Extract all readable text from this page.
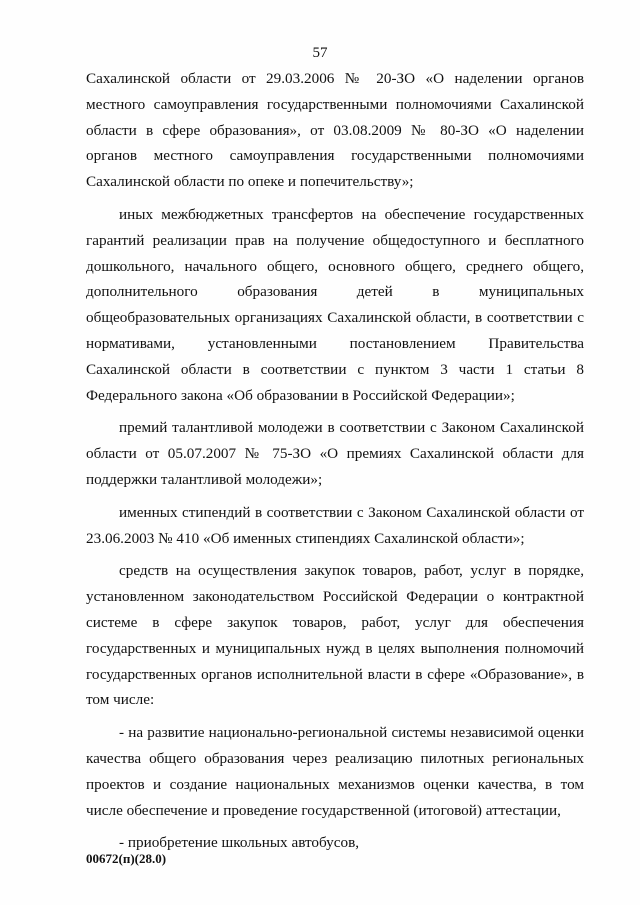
57

Сахалинской области от 29.03.2006 № 20-ЗО «О наделении органов местного самоуправления государственными полномочиями Сахалинской области в сфере образования», от 03.08.2009 № 80-ЗО «О наделении органов местного самоуправления государственными полномочиями Сахалинской области по опеке и попечительству»;

иных межбюджетных трансфертов на обеспечение государственных гарантий реализации прав на получение общедоступного и бесплатного дошкольного, начального общего, основного общего, среднего общего, дополнительного образования детей в муниципальных общеобразовательных организациях Сахалинской области, в соответствии с нормативами, установленными постановлением Правительства Сахалинской области в соответствии с пунктом 3 части 1 статьи 8 Федерального закона «Об образовании в Российской Федерации»;

премий талантливой молодежи в соответствии с Законом Сахалинской области от 05.07.2007 № 75-ЗО «О премиях Сахалинской области для поддержки талантливой молодежи»;

именных стипендий в соответствии с Законом Сахалинской области от 23.06.2003 № 410 «Об именных стипендиях Сахалинской области»;

средств на осуществления закупок товаров, работ, услуг в порядке, установленном законодательством Российской Федерации о контрактной системе в сфере закупок товаров, работ, услуг для обеспечения государственных и муниципальных нужд в целях выполнения полномочий государственных органов исполнительной власти в сфере «Образование», в том числе:

- на развитие национально-региональной системы независимой оценки качества общего образования через реализацию пилотных региональных проектов и создание национальных механизмов оценки качества, в том числе обеспечение и проведение государственной (итоговой) аттестации,

- приобретение школьных автобусов,

00672(п)(28.0)
